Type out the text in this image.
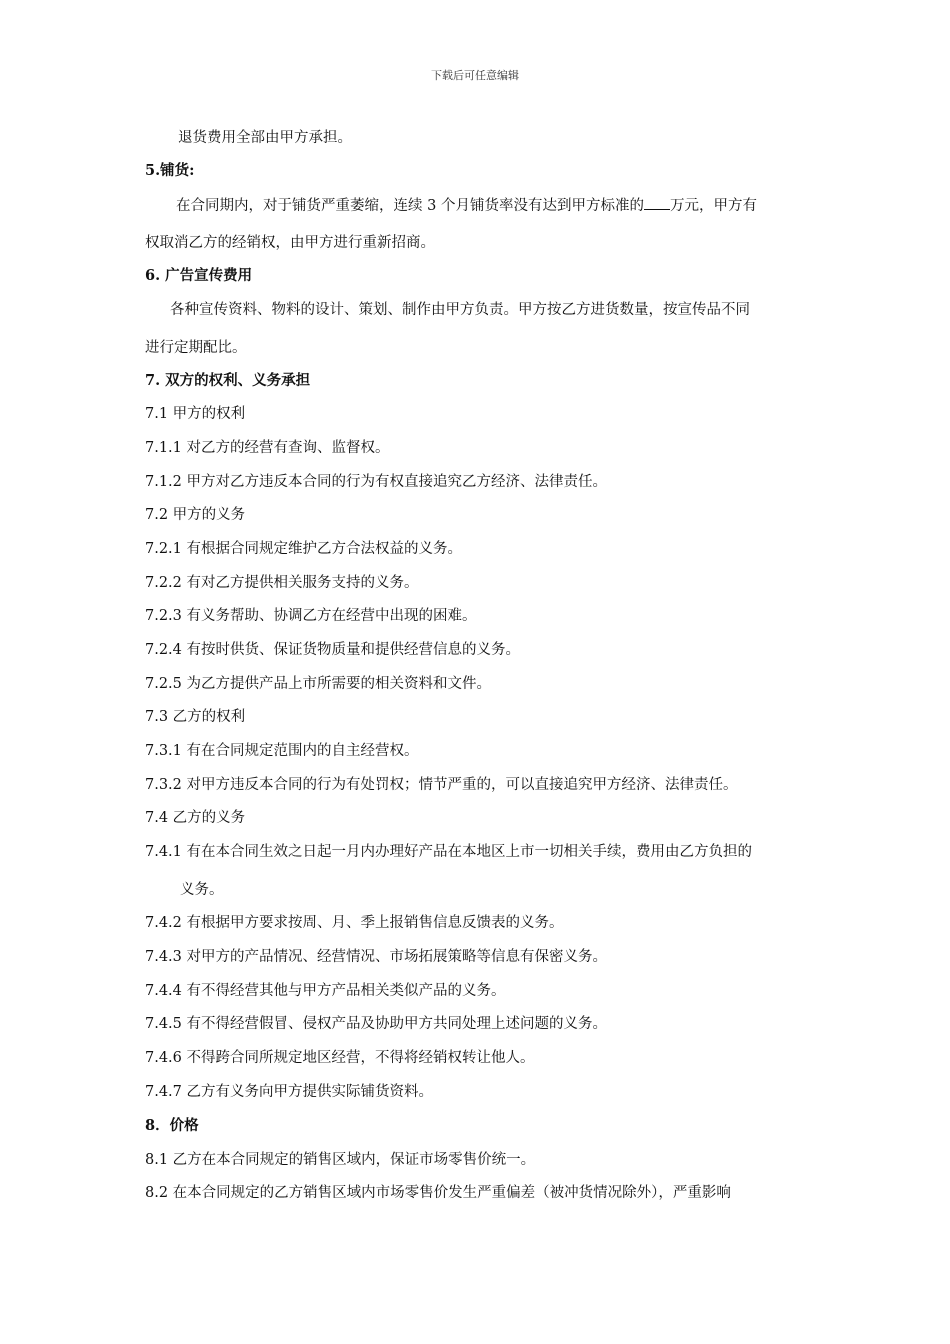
下载后可任意编辑
退货费用全部由甲方承担。
5.铺货:
在合同期内，对于铺货严重萎缩，连续 3 个月铺货率没有达到甲方标准的 万元，甲方有
权取消乙方的经销权，由甲方进行重新招商。
6. 广告宣传费用
各种宣传资料、物料的设计、策划、制作由甲方负责。甲方按乙方进货数量，按宣传品不同
进行定期配比。
7. 双方的权利、义务承担
7.1 甲方的权利
7.1.1 对乙方的经营有查询、监督权。
7.1.2 甲方对乙方违反本合同的行为有权直接追究乙方经济、法律责任。
7.2 甲方的义务
7.2.1 有根据合同规定维护乙方合法权益的义务。
7.2.2 有对乙方提供相关服务支持的义务。
7.2.3 有义务帮助、协调乙方在经营中出现的困难。
7.2.4 有按时供货、保证货物质量和提供经营信息的义务。
7.2.5 为乙方提供产品上市所需要的相关资料和文件。
7.3 乙方的权利
7.3.1 有在合同规定范围内的自主经营权。
7.3.2 对甲方违反本合同的行为有处罚权；情节严重的，可以直接追究甲方经济、法律责任。
7.4 乙方的义务
7.4.1 有在本合同生效之日起一月内办理好产品在本地区上市一切相关手续，费用由乙方负担的
义务。
7.4.2 有根据甲方要求按周、月、季上报销售信息反馈表的义务。
7.4.3 对甲方的产品情况、经营情况、市场拓展策略等信息有保密义务。
7.4.4 有不得经营其他与甲方产品相关类似产品的义务。
7.4.5 有不得经营假冒、侵权产品及协助甲方共同处理上述问题的义务。
7.4.6 不得跨合同所规定地区经营，不得将经销权转让他人。
7.4.7 乙方有义务向甲方提供实际铺货资料。
8．价格
8.1 乙方在本合同规定的销售区域内，保证市场零售价统一。
8.2 在本合同规定的乙方销售区域内市场零售价发生严重偏差（被冲货情况除外），严重影响
